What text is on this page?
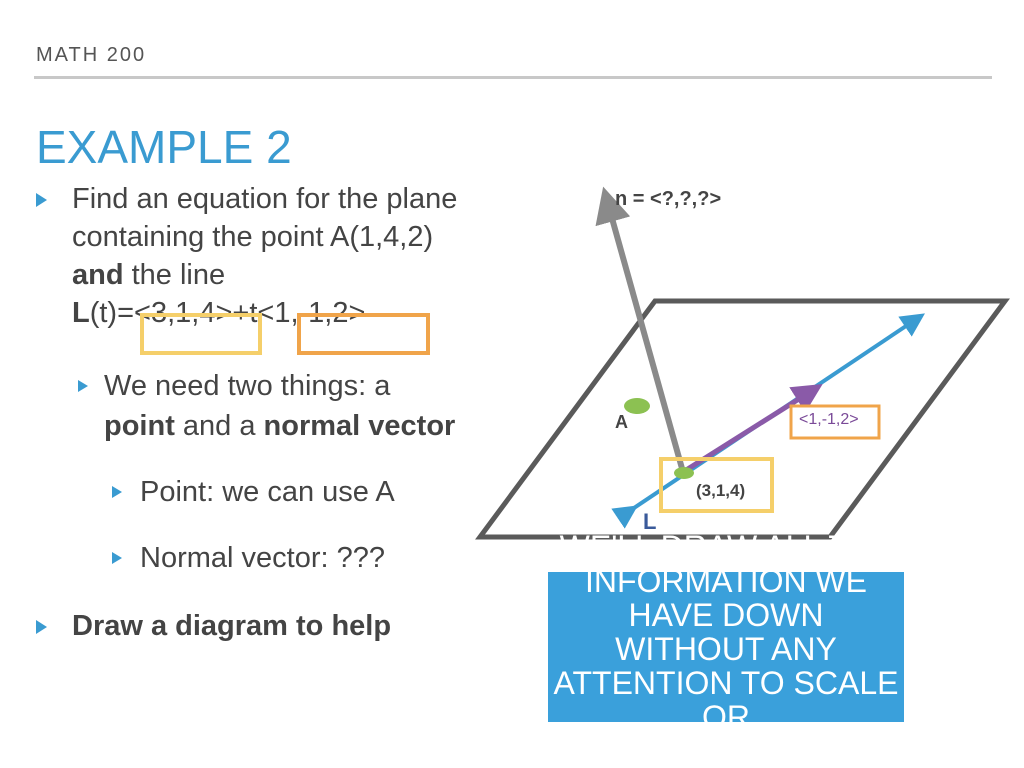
MATH 200
EXAMPLE 2
Find an equation for the plane
containing the point A(1,4,2)
and the line
L(t)=<3,1,4>+t<1,-1,2>
We need two things: a
point and a normal vector
Point: we can use A
Normal vector: ???
Draw a diagram to help
n = <?,?,?>
A	<1,-1,2>
(3,1,4)
L
WE'LL DRAW ALL THE INFORMATION WE HAVE DOWN WITHOUT ANY ATTENTION TO SCALE OR
